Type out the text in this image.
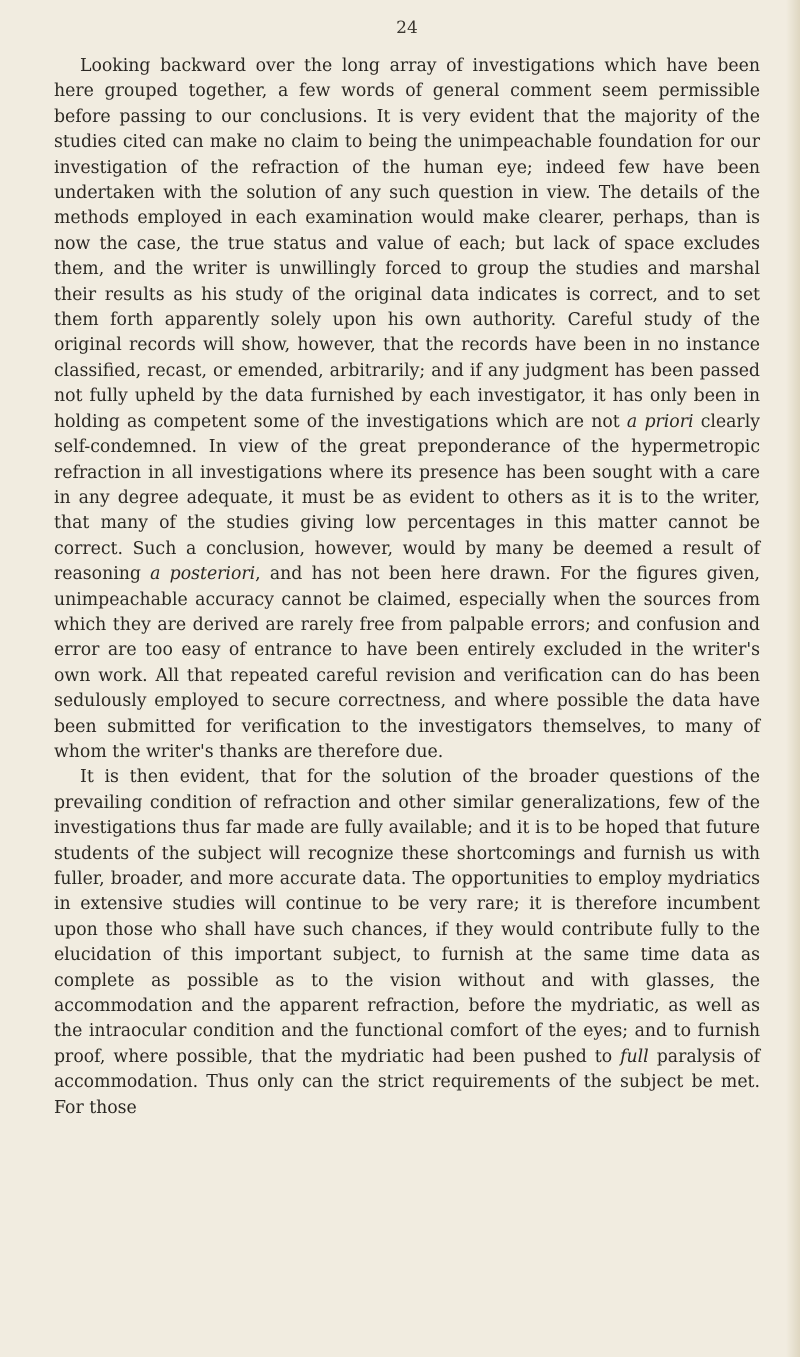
24

Looking backward over the long array of investigations which have been here grouped together, a few words of general comment seem permissible before passing to our conclusions. It is very evident that the majority of the studies cited can make no claim to being the unimpeachable foundation for our investigation of the refraction of the human eye; indeed few have been undertaken with the solution of any such question in view. The details of the methods employed in each examination would make clearer, perhaps, than is now the case, the true status and value of each; but lack of space excludes them, and the writer is unwillingly forced to group the studies and marshal their results as his study of the original data indicates is correct, and to set them forth apparently solely upon his own authority. Careful study of the original records will show, however, that the records have been in no instance classified, recast, or emended, arbitrarily; and if any judgment has been passed not fully upheld by the data furnished by each investigator, it has only been in holding as competent some of the investigations which are not a priori clearly self-condemned. In view of the great preponderance of the hypermetropic refraction in all investigations where its presence has been sought with a care in any degree adequate, it must be as evident to others as it is to the writer, that many of the studies giving low percentages in this matter cannot be correct. Such a conclusion, however, would by many be deemed a result of reasoning a posteriori, and has not been here drawn. For the figures given, unimpeachable accuracy cannot be claimed, especially when the sources from which they are derived are rarely free from palpable errors; and confusion and error are too easy of entrance to have been entirely excluded in the writer's own work. All that repeated careful revision and verification can do has been sedulously employed to secure correctness, and where possible the data have been submitted for verification to the investigators themselves, to many of whom the writer's thanks are therefore due.

It is then evident, that for the solution of the broader questions of the prevailing condition of refraction and other similar generalizations, few of the investigations thus far made are fully available; and it is to be hoped that future students of the subject will recognize these shortcomings and furnish us with fuller, broader, and more accurate data. The opportunities to employ mydriatics in extensive studies will continue to be very rare; it is therefore incumbent upon those who shall have such chances, if they would contribute fully to the elucidation of this important subject, to furnish at the same time data as complete as possible as to the vision without and with glasses, the accommodation and the apparent refraction, before the mydriatic, as well as the intraocular condition and the functional comfort of the eyes; and to furnish proof, where possible, that the mydriatic had been pushed to full paralysis of accommodation. Thus only can the strict requirements of the subject be met. For those
